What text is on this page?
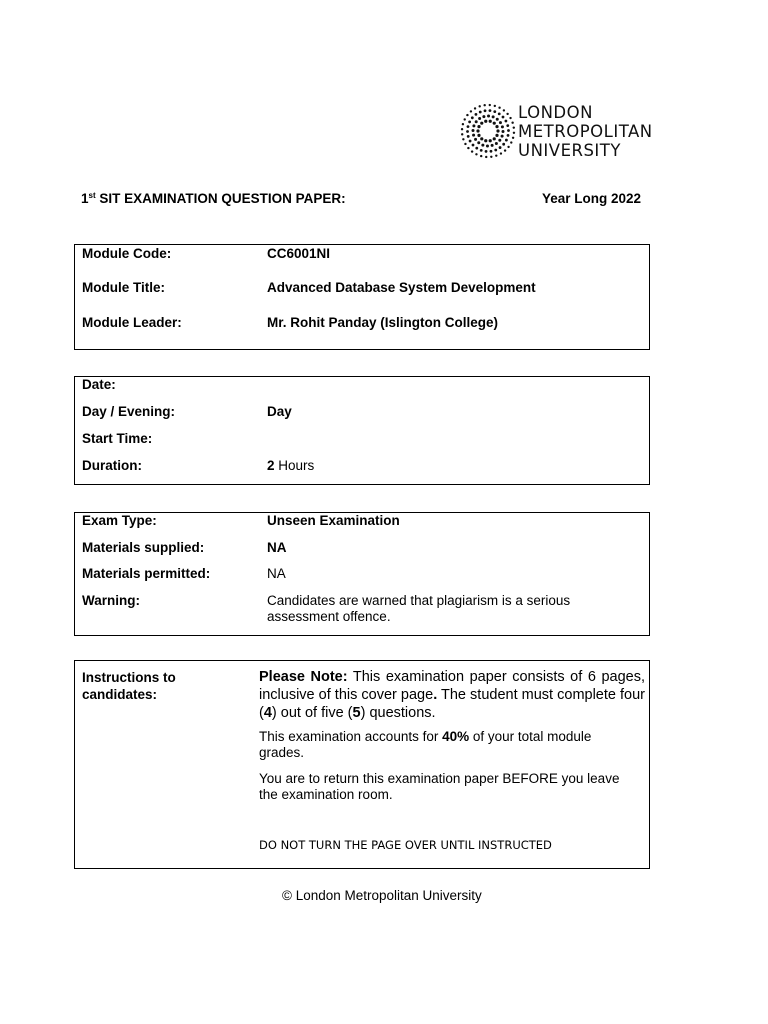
LONDON
METROPOLITAN
UNIVERSITY
1st SIT EXAMINATION QUESTION PAPER:	Year Long 2022
Module Code:	CC6001NI
Module Title:	Advanced Database System Development
Module Leader:	Mr. Rohit Panday (Islington College)
Date:
Day / Evening:	Day
Start Time:
Duration:	2 Hours
Exam Type:	Unseen Examination
Materials supplied:	NA
Materials permitted:	NA
Warning:	Candidates are warned that plagiarism is a serious
assessment offence.
Instructions to
candidates:
Please Note: This examination paper consists of 6 pages, inclusive of this cover page. The student must complete four (4) out of five (5) questions.
This examination accounts for 40% of your total module grades.
You are to return this examination paper BEFORE you leave the examination room.
DO NOT TURN THE PAGE OVER UNTIL INSTRUCTED
© London Metropolitan University
